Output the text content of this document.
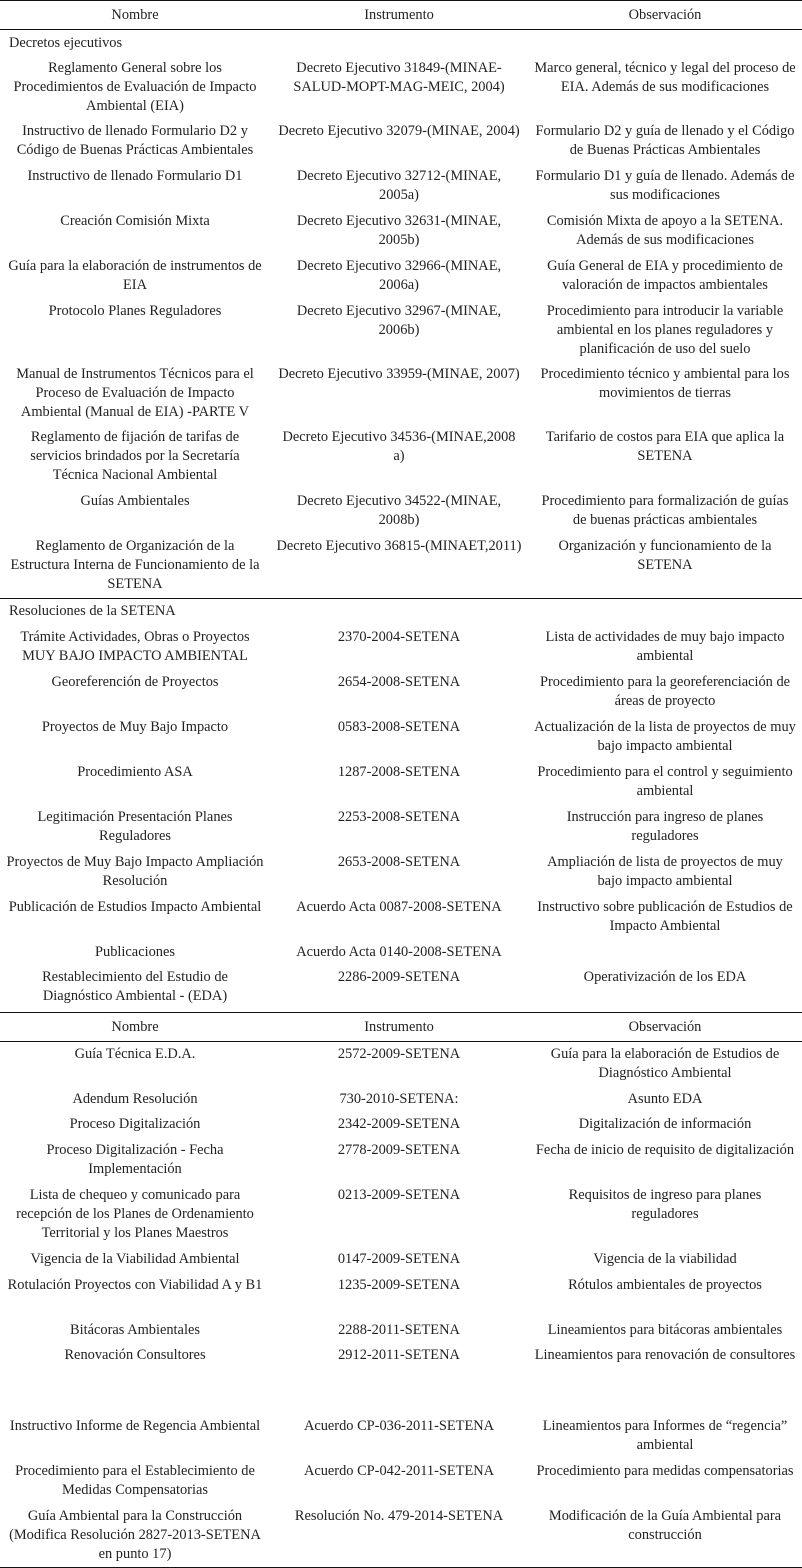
Nombre	Instrumento	Observación
Decretos ejecutivos		
Reglamento General sobre los Procedimientos de Evaluación de Impacto Ambiental (EIA)	Decreto Ejecutivo 31849-(MINAE-SALUD-MOPT-MAG-MEIC, 2004)	Marco general, técnico y legal del proceso de EIA. Además de sus modificaciones
Instructivo de llenado Formulario D2 y Código de Buenas Prácticas Ambientales	Decreto Ejecutivo 32079-(MINAE, 2004)	Formulario D2 y guía de llenado y el Código de Buenas Prácticas Ambientales
Instructivo de llenado Formulario D1	Decreto Ejecutivo 32712-(MINAE, 2005a)	Formulario D1 y guía de llenado. Además de sus modificaciones
Creación Comisión Mixta	Decreto Ejecutivo 32631-(MINAE, 2005b)	Comisión Mixta de apoyo a la SETENA. Además de sus modificaciones
Guía para la elaboración de instrumentos de EIA	Decreto Ejecutivo 32966-(MINAE, 2006a)	Guía General de EIA y procedimiento de valoración de impactos ambientales
Protocolo Planes Reguladores	Decreto Ejecutivo 32967-(MINAE, 2006b)	Procedimiento para introducir la variable ambiental en los planes reguladores y planificación de uso del suelo
Manual de Instrumentos Técnicos para el Proceso de Evaluación de Impacto Ambiental (Manual de EIA) -PARTE V	Decreto Ejecutivo 33959-(MINAE, 2007)	Procedimiento técnico y ambiental para los movimientos de tierras
Reglamento de fijación de tarifas de servicios brindados por la Secretaría Técnica Nacional Ambiental	Decreto Ejecutivo 34536-(MINAE,2008 a)	Tarifario de costos para EIA que aplica la SETENA
Guías Ambientales	Decreto Ejecutivo 34522-(MINAE, 2008b)	Procedimiento para formalización de guías de buenas prácticas ambientales
Reglamento de Organización de la Estructura Interna de Funcionamiento de la SETENA	Decreto Ejecutivo 36815-(MINAET,2011)	Organización y funcionamiento de la SETENA
Resoluciones de la SETENA		
Trámite Actividades, Obras o Proyectos MUY BAJO IMPACTO AMBIENTAL	2370-2004-SETENA	Lista de actividades de muy bajo impacto ambiental
Georeferención de Proyectos	2654-2008-SETENA	Procedimiento para la georeferenciación de áreas de proyecto
Proyectos de Muy Bajo Impacto	0583-2008-SETENA	Actualización de la lista de proyectos de muy bajo impacto ambiental
Procedimiento ASA	1287-2008-SETENA	Procedimiento para el control y seguimiento ambiental
Legitimación Presentación Planes Reguladores	2253-2008-SETENA	Instrucción para ingreso de planes reguladores
Proyectos de Muy Bajo Impacto Ampliación Resolución	2653-2008-SETENA	Ampliación de lista de proyectos de muy bajo impacto ambiental
Publicación de Estudios Impacto Ambiental	Acuerdo Acta 0087-2008-SETENA	Instructivo sobre publicación de Estudios de Impacto Ambiental
Publicaciones	Acuerdo Acta 0140-2008-SETENA	
Restablecimiento del Estudio de Diagnóstico Ambiental - (EDA)	2286-2009-SETENA	Operativización de los EDA
Nombre	Instrumento	Observación
Guía Técnica E.D.A.	2572-2009-SETENA	Guía para la elaboración de Estudios de Diagnóstico Ambiental
Adendum Resolución	730-2010-SETENA:	Asunto EDA
Proceso Digitalización	2342-2009-SETENA	Digitalización de información
Proceso Digitalización - Fecha Implementación	2778-2009-SETENA	Fecha de inicio de requisito de digitalización
Lista de chequeo y comunicado para recepción de los Planes de Ordenamiento Territorial y los Planes Maestros	0213-2009-SETENA	Requisitos de ingreso para planes reguladores
Vigencia de la Viabilidad Ambiental	0147-2009-SETENA	Vigencia de la viabilidad
Rotulación Proyectos con Viabilidad A y B1	1235-2009-SETENA	Rótulos ambientales de proyectos
Bitácoras Ambientales	2288-2011-SETENA	Lineamientos para bitácoras ambientales
Renovación Consultores	2912-2011-SETENA	Lineamientos para renovación de consultores
Instructivo Informe de Regencia Ambiental	Acuerdo CP-036-2011-SETENA	Lineamientos para Informes de “regencia” ambiental
Procedimiento para el Establecimiento de Medidas Compensatorias	Acuerdo CP-042-2011-SETENA	Procedimiento para medidas compensatorias
Guía Ambiental para la Construcción (Modifica Resolución 2827-2013-SETENA en punto 17)	Resolución No. 479-2014-SETENA	Modificación de la Guía Ambiental para construcción
